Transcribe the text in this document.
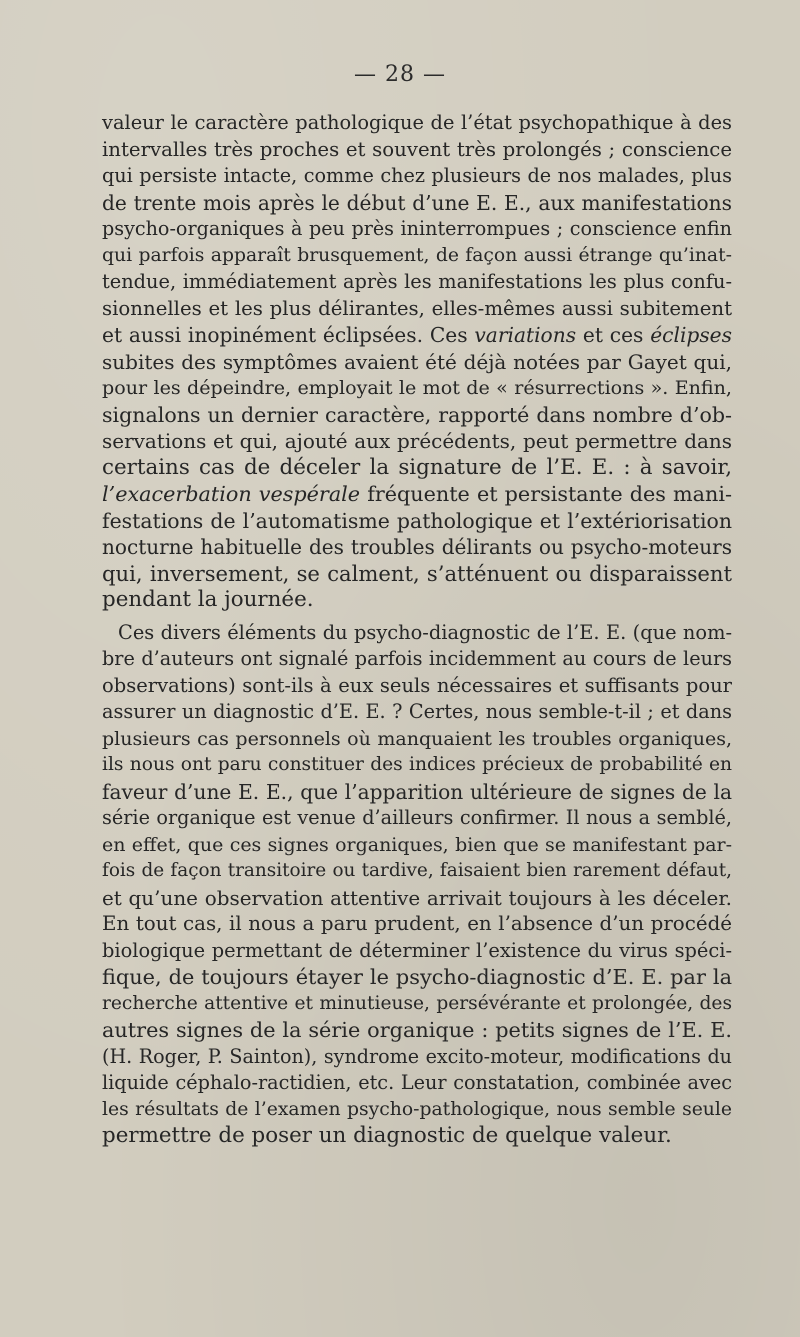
— 28 —
valeur le caractère pathologique de l’état psychopathique à des
intervalles très proches et souvent très prolongés ; conscience
qui persiste intacte, comme chez plusieurs de nos malades, plus
de trente mois après le début d’une E. E., aux manifestations
psycho-organiques à peu près ininterrompues ; conscience enfin
qui parfois apparaît brusquement, de façon aussi étrange qu’inat-
tendue, immédiatement après les manifestations les plus confu-
sionnelles et les plus délirantes, elles-mêmes aussi subitement
et aussi inopinément éclipsées. Ces variations et ces éclipses
subites des symptômes avaient été déjà notées par Gayet qui,
pour les dépeindre, employait le mot de « résurrections ». Enfin,
signalons un dernier caractère, rapporté dans nombre d’ob-
servations et qui, ajouté aux précédents, peut permettre dans
certains cas de déceler la signature de l’E. E. : à savoir,
l’exacerbation vespérale fréquente et persistante des mani-
festations de l’automatisme pathologique et l’extériorisation
nocturne habituelle des troubles délirants ou psycho-moteurs
qui, inversement, se calment, s’atténuent ou disparaissent
pendant la journée.
Ces divers éléments du psycho-diagnostic de l’E. E. (que nom-
bre d’auteurs ont signalé parfois incidemment au cours de leurs
observations) sont-ils à eux seuls nécessaires et suffisants pour
assurer un diagnostic d’E. E. ? Certes, nous semble-t-il ; et dans
plusieurs cas personnels où manquaient les troubles organiques,
ils nous ont paru constituer des indices précieux de probabilité en
faveur d’une E. E., que l’apparition ultérieure de signes de la
série organique est venue d’ailleurs confirmer. Il nous a semblé,
en effet, que ces signes organiques, bien que se manifestant par-
fois de façon transitoire ou tardive, faisaient bien rarement défaut,
et qu’une observation attentive arrivait toujours à les déceler.
En tout cas, il nous a paru prudent, en l’absence d’un procédé
biologique permettant de déterminer l’existence du virus spéci-
fique, de toujours étayer le psycho-diagnostic d’E. E. par la
recherche attentive et minutieuse, persévérante et prolongée, des
autres signes de la série organique : petits signes de l’E. E.
(H. Roger, P. Sainton), syndrome excito-moteur, modifications du
liquide céphalo-ractidien, etc. Leur constatation, combinée avec
les résultats de l’examen psycho-pathologique, nous semble seule
permettre de poser un diagnostic de quelque valeur.
